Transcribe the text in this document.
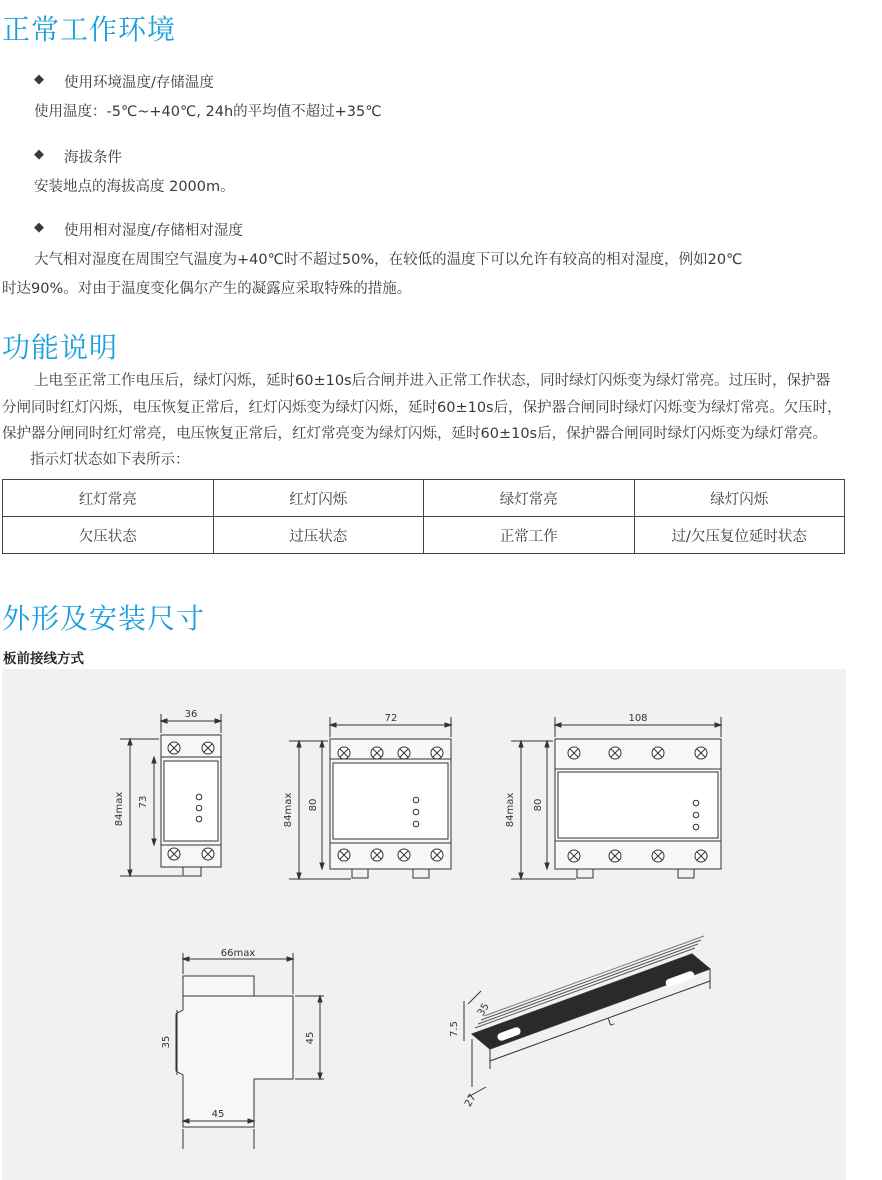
正常工作环境
◆ 使用环境温度/存储温度
使用温度：-5℃~+40℃, 24h的平均值不超过+35℃
◆ 海拔条件
安装地点的海拔高度 2000m。
◆ 使用相对湿度/存储相对湿度
大气相对湿度在周围空气温度为+40℃时不超过50%，在较低的温度下可以允许有较高的相对湿度，例如20℃
时达90%。对由于温度变化偶尔产生的凝露应采取特殊的措施。
功能说明
上电至正常工作电压后，绿灯闪烁，延时60±10s后合闸并进入正常工作状态，同时绿灯闪烁变为绿灯常亮。过压时，保护器
分闸同时红灯闪烁，电压恢复正常后，红灯闪烁变为绿灯闪烁，延时60±10s后，保护器合闸同时绿灯闪烁变为绿灯常亮。欠压时，
保护器分闸同时红灯常亮，电压恢复正常后，红灯常亮变为绿灯闪烁，延时60±10s后，保护器合闸同时绿灯闪烁变为绿灯常亮。
指示灯状态如下表所示：
红灯常亮	红灯闪烁	绿灯常亮	绿灯闪烁
欠压状态	过压状态	正常工作	过/欠压复位延时状态
外形及安装尺寸
板前接线方式
36
84max 73
72
84max 80
108
84max 80
66max
35	45
45
35
7.5
27
L
